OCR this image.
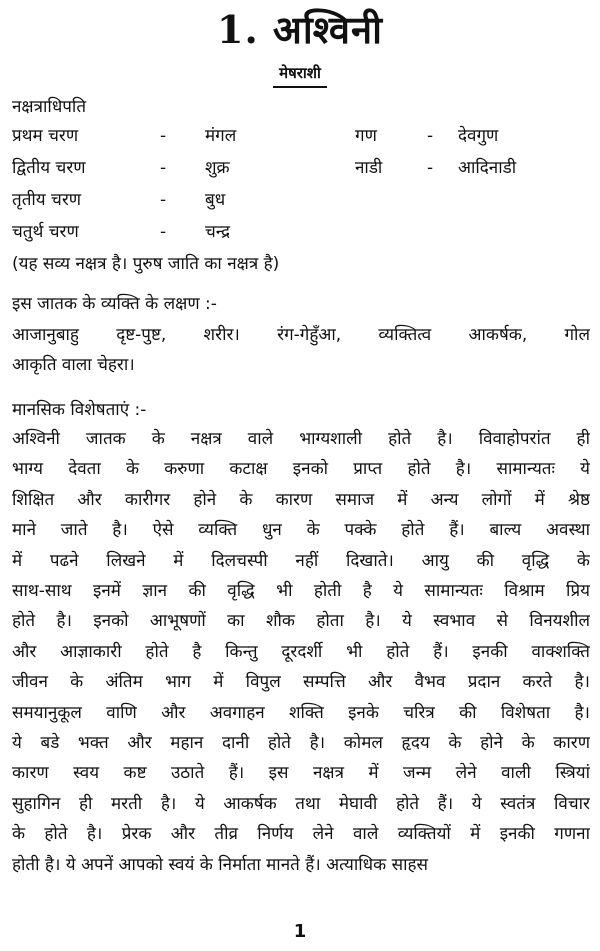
1. अश्विनी
मेषराशी
नक्षत्राधिपति
प्रथम चरण	- मंगल	गण	- देवगुण
द्वितीय चरण	- शुक्र	नाडी	- आदिनाडी
तृतीय चरण	- बुध
चतुर्थ चरण	- चन्द्र
(यह सव्य नक्षत्र है। पुरुष जाति का नक्षत्र है)
इस जातक के व्यक्ति के लक्षण :-
आजानुबाहु दृष्ट-पुष्ट, शरीर। रंग-गेहुँआ, व्यक्तित्व आकर्षक, गोल
आकृति वाला चेहरा।
मानसिक विशेषताएं :-
अश्विनी जातक के नक्षत्र वाले भाग्यशाली होते है। विवाहोपरांत ही
भाग्य देवता के करुणा कटाक्ष इनको प्राप्त होते है। सामान्यतः ये
शिक्षित और कारीगर होने के कारण समाज में अन्य लोगों में श्रेष्ठ
माने जाते है। ऐसे व्यक्ति धुन के पक्के होते हैं। बाल्य अवस्था
में पढने लिखने में दिलचस्पी नहीं दिखाते। आयु की वृद्धि के
साथ-साथ इनमें ज्ञान की वृद्धि भी होती है ये सामान्यतः विश्राम प्रिय
होते है। इनको आभूषणों का शौक होता है। ये स्वभाव से विनयशील
और आज्ञाकारी होते है किन्तु दूरदर्शी भी होते हैं। इनकी वाक्शक्ति
जीवन के अंतिम भाग में विपुल सम्पत्ति और वैभव प्रदान करते है।
समयानुकूल वाणि और अवगाहन शक्ति इनके चरित्र की विशेषता है।
ये बडे भक्त और महान दानी होते है। कोमल हृदय के होने के कारण
कारण स्वय कष्ट उठाते हैं। इस नक्षत्र में जन्म लेने वाली स्त्रियां
सुहागिन ही मरती है। ये आकर्षक तथा मेघावी होते हैं। ये स्वतंत्र विचार
के होते है। प्रेरक और तीव्र निर्णय लेने वाले व्यक्तियों में इनकी गणना
होती है। ये अपनें आपको स्वयं के निर्माता मानते हैं। अत्याधिक साहस
1
